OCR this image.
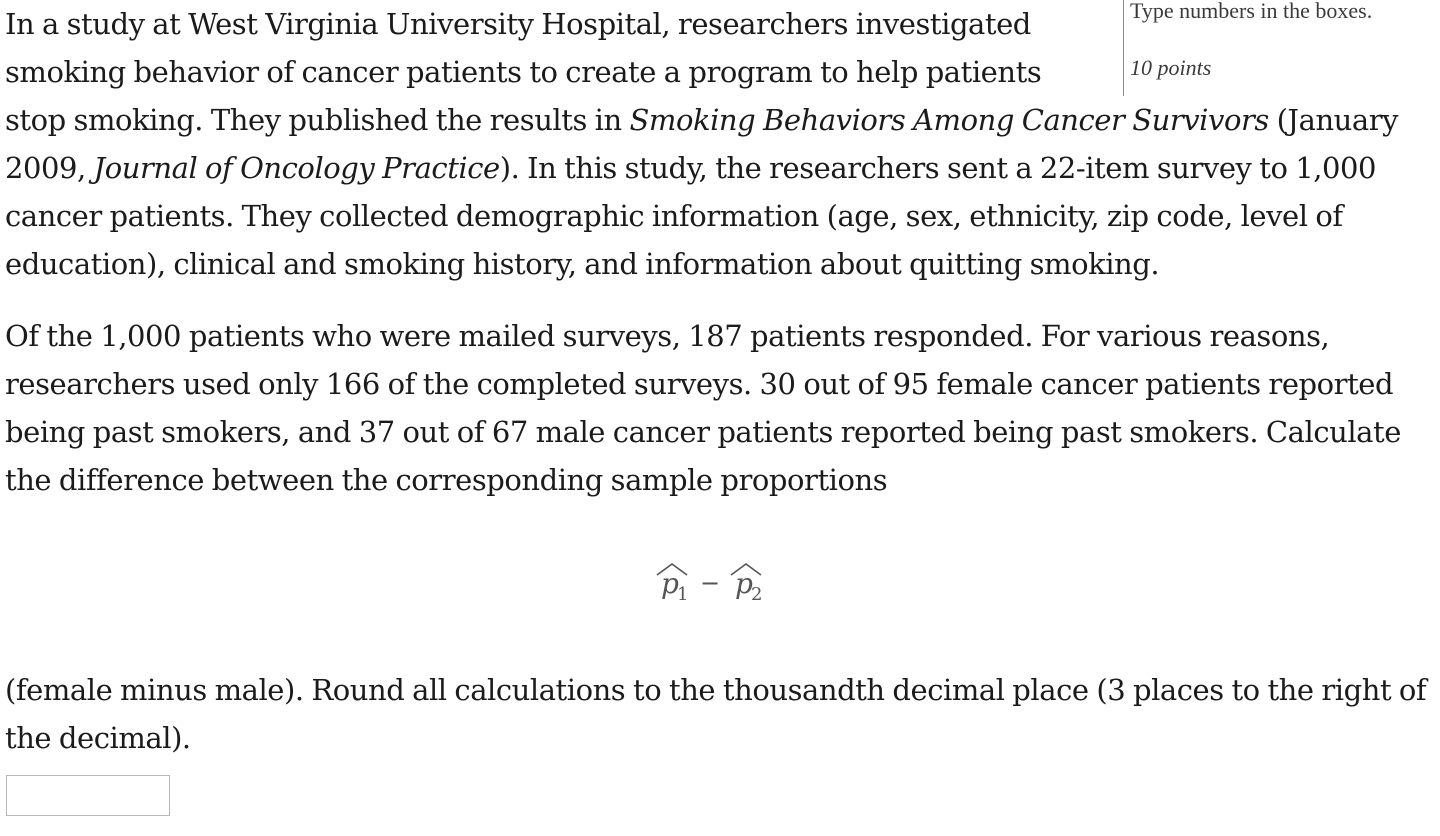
Type numbers in the boxes.
10 points

In a study at West Virginia University Hospital, researchers investigated smoking behavior of cancer patients to create a program to help patients stop smoking. They published the results in Smoking Behaviors Among Cancer Survivors (January 2009, Journal of Oncology Practice). In this study, the researchers sent a 22-item survey to 1,000 cancer patients. They collected demographic information (age, sex, ethnicity, zip code, level of education), clinical and smoking history, and information about quitting smoking.

Of the 1,000 patients who were mailed surveys, 187 patients responded. For various reasons, researchers used only 166 of the completed surveys. 30 out of 95 female cancer patients reported being past smokers, and 37 out of 67 male cancer patients reported being past smokers. Calculate the difference between the corresponding sample proportions

p
1 − p
2

(female minus male). Round all calculations to the thousandth decimal place (3 places to the right of the decimal).
